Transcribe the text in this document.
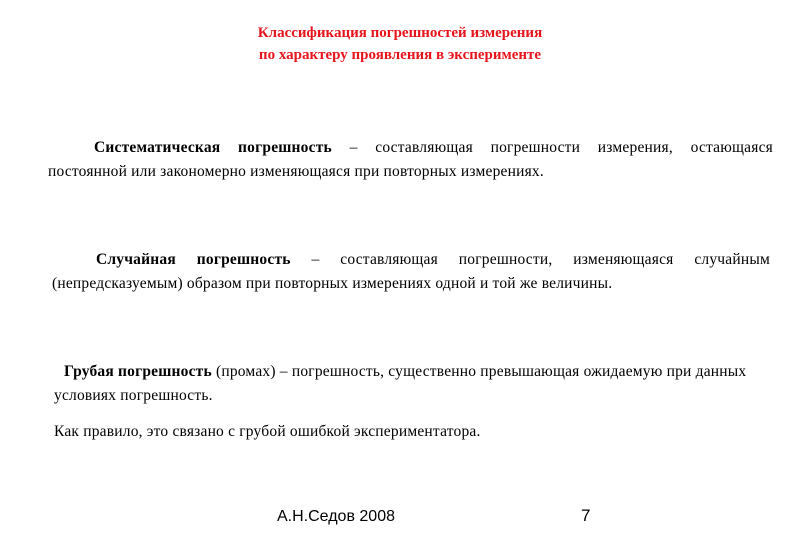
Классификация погрешностей измерения
по характеру проявления в эксперименте
Систематическая погрешность – составляющая погрешности измерения, остающаяся постоянной или закономерно изменяющаяся при повторных измерениях.
Случайная погрешность – составляющая погрешности, изменяющаяся случайным (непредсказуемым) образом при повторных измерениях одной и той же величины.
Грубая погрешность (промах) – погрешность, существенно превышающая ожидаемую при данных условиях погрешность.
Как правило, это связано с грубой ошибкой экспериментатора.
А.Н.Седов 2008	7
